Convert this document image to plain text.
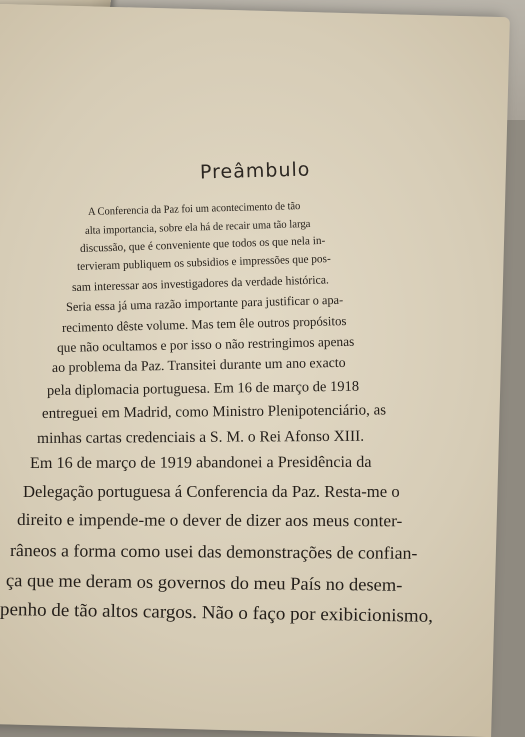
Preâmbulo
A Conferencia da Paz foi um acontecimento de tão
alta importancia, sobre ela há de recair uma tão larga
discussão, que é conveniente que todos os que nela in-
tervieram publiquem os subsidios e impressões que pos-
sam interessar aos investigadores da verdade histórica.
Seria essa já uma razão importante para justificar o apa-
recimento dêste volume. Mas tem êle outros propósitos
que não ocultamos e por isso o não restringimos apenas
ao problema da Paz. Transitei durante um ano exacto
pela diplomacia portuguesa. Em 16 de março de 1918
entreguei em Madrid, como Ministro Plenipotenciário, as
minhas cartas credenciais a S. M. o Rei Afonso XIII.
Em 16 de março de 1919 abandonei a Presidência da
Delegação portuguesa á Conferencia da Paz. Resta-me o
direito e impende-me o dever de dizer aos meus conter-
râneos a forma como usei das demonstrações de confian-
ça que me deram os governos do meu País no desem-
penho de tão altos cargos. Não o faço por exibicionismo,
